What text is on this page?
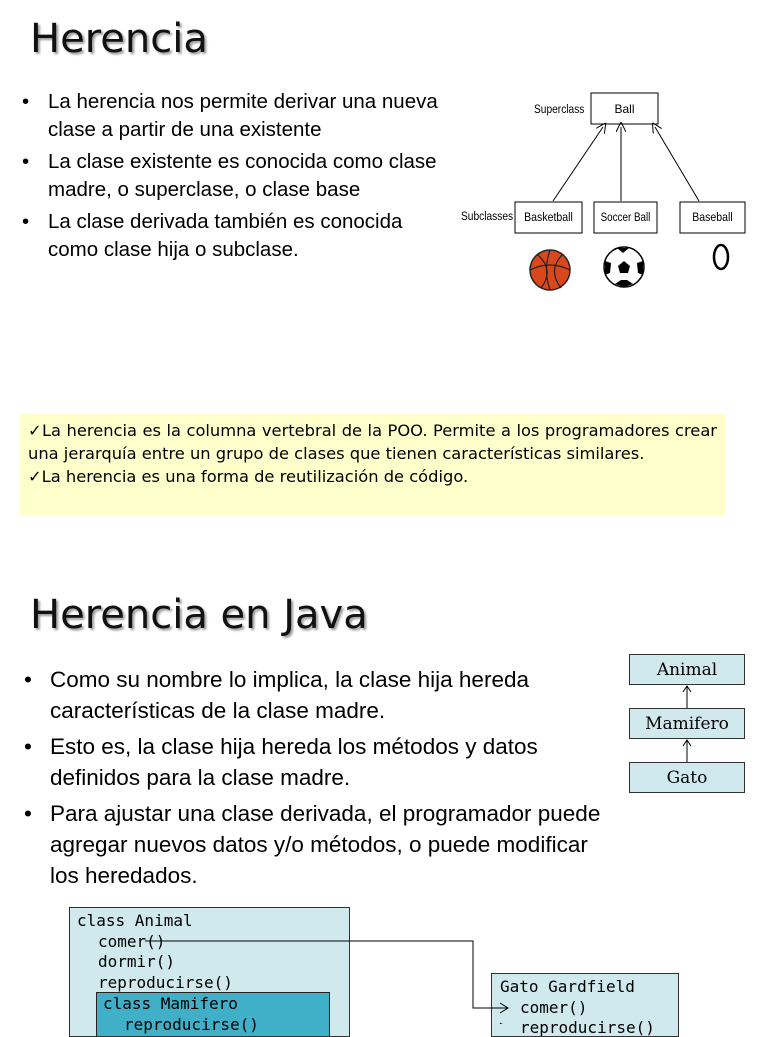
Herencia
• La herencia nos permite derivar una nueva clase a partir de una existente
• La clase existente es conocida como clase madre, o superclase, o clase base
• La clase derivada también es conocida como clase hija o subclase.
Superclass	Ball
Subclasses Basketball Soccer Ball	Baseball

✓La herencia es la columna vertebral de la POO. Permite a los programadores crear una jerarquía entre un grupo de clases que tienen características similares.

✓La herencia es una forma de reutilización de código.

Herencia en Java
• Como su nombre lo implica, la clase hija hereda características de la clase madre.
• Esto es, la clase hija hereda los métodos y datos definidos para la clase madre.
• Para ajustar una clase derivada, el programador puede agregar nuevos datos y/o métodos, o puede modificar los heredados.
Animal
Mamifero
Gato
class Animal
comer()
dormir()
reproducirse()
class Mamifero
reproducirse()
Gato Gardfield
comer()
reproducirse()
